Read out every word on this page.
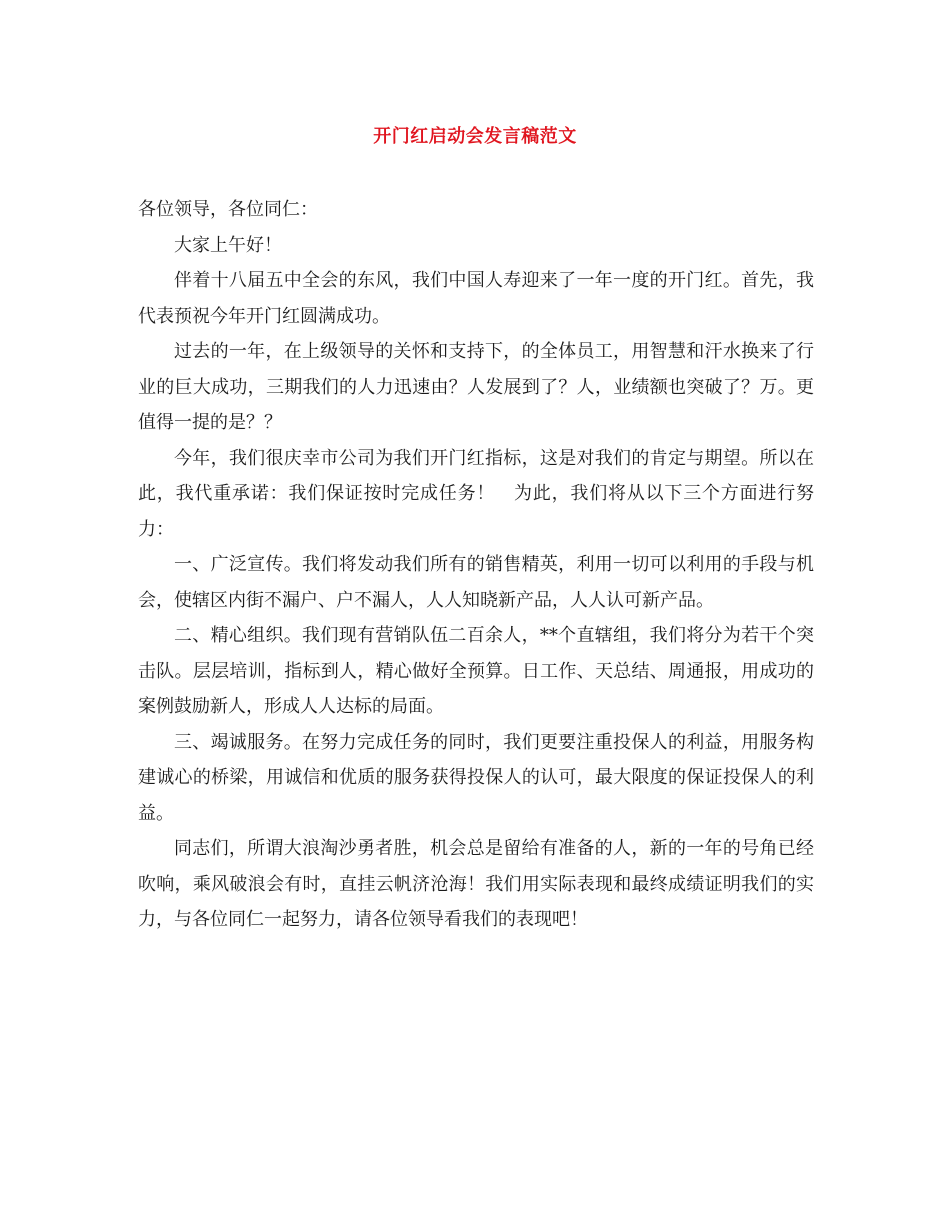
开门红启动会发言稿范文

各位领导，各位同仁：

大家上午好！

伴着十八届五中全会的东风，我们中国人寿迎来了一年一度的开门红。首先，我代表预祝今年开门红圆满成功。

过去的一年，在上级领导的关怀和支持下，的全体员工，用智慧和汗水换来了行业的巨大成功，三期我们的人力迅速由？人发展到了？人，业绩额也突破了？万。更值得一提的是？？

今年，我们很庆幸市公司为我们开门红指标，这是对我们的肯定与期望。所以在此，我代重承诺：我们保证按时完成任务！　为此，我们将从以下三个方面进行努力：

一、广泛宣传。我们将发动我们所有的销售精英，利用一切可以利用的手段与机会，使辖区内街不漏户、户不漏人，人人知晓新产品，人人认可新产品。

二、精心组织。我们现有营销队伍二百余人，**个直辖组，我们将分为若干个突击队。层层培训，指标到人，精心做好全预算。日工作、天总结、周通报，用成功的案例鼓励新人，形成人人达标的局面。

三、竭诚服务。在努力完成任务的同时，我们更要注重投保人的利益，用服务构建诚心的桥梁，用诚信和优质的服务获得投保人的认可，最大限度的保证投保人的利益。

同志们，所谓大浪淘沙勇者胜，机会总是留给有准备的人，新的一年的号角已经吹响，乘风破浪会有时，直挂云帆济沧海！我们用实际表现和最终成绩证明我们的实力，与各位同仁一起努力，请各位领导看我们的表现吧！
